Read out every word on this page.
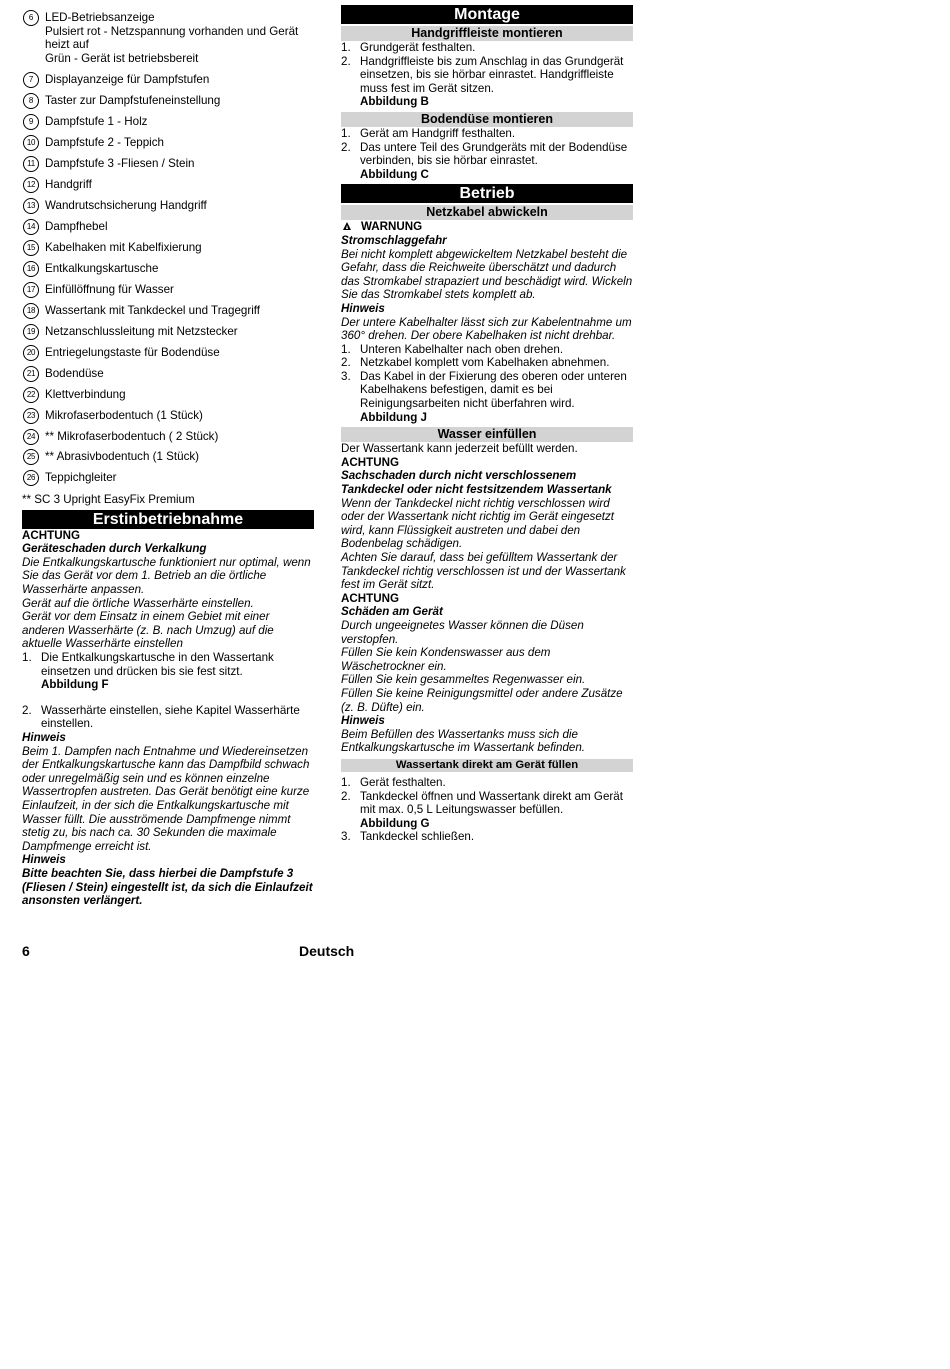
6	LED-Betriebsanzeige
Pulsiert rot - Netzspannung vorhanden und Gerät heizt auf
Grün - Gerät ist betriebsbereit
7	Displayanzeige für Dampfstufen
8	Taster zur Dampfstufeneinstellung
9	Dampfstufe 1 - Holz
10 Dampfstufe 2 - Teppich
11 Dampfstufe 3 -Fliesen / Stein
12 Handgriff
13 Wandrutschsicherung Handgriff
14 Dampfhebel
15 Kabelhaken mit Kabelfixierung
16 Entkalkungskartusche
17 Einfüllöffnung für Wasser
18 Wassertank mit Tankdeckel und Tragegriff
19 Netzanschlussleitung mit Netzstecker
20 Entriegelungstaste für Bodendüse
21 Bodendüse
22 Klettverbindung
23 Mikrofaserbodentuch (1 Stück)
24 ** Mikrofaserbodentuch ( 2 Stück)
25 ** Abrasivbodentuch (1 Stück)
26 Teppichgleiter

** SC 3 Upright EasyFix Premium

Erstinbetriebnahme

ACHTUNG

Geräteschaden durch Verkalkung

Die Entkalkungskartusche funktioniert nur optimal, wenn Sie das Gerät vor dem 1. Betrieb an die örtliche Wasserhärte anpassen.

Gerät auf die örtliche Wasserhärte einstellen.

Gerät vor dem Einsatz in einem Gebiet mit einer anderen Wasserhärte (z. B. nach Umzug) auf die aktuelle Wasserhärte einstellen

1. Die Entkalkungskartusche in den Wassertank einsetzen und drücken bis sie fest sitzt.
Abbildung F
2. Wasserhärte einstellen, siehe Kapitel Wasserhärte einstellen.

Hinweis

Beim 1. Dampfen nach Entnahme und Wiedereinsetzen der Entkalkungskartusche kann das Dampfbild schwach oder unregelmäßig sein und es können einzelne Wassertropfen austreten. Das Gerät benötigt eine kurze Einlaufzeit, in der sich die Entkalkungskartusche mit Wasser füllt. Die ausströmende Dampfmenge nimmt stetig zu, bis nach ca. 30 Sekunden die maximale Dampfmenge erreicht ist.

Hinweis

Bitte beachten Sie, dass hierbei die Dampfstufe 3 (Fliesen / Stein) eingestellt ist, da sich die Einlaufzeit ansonsten verlängert.

Montage
Handgriffleiste montieren
1. Grundgerät festhalten.
2. Handgriffleiste bis zum Anschlag in das Grundgerät einsetzen, bis sie hörbar einrastet. Handgriffleiste muss fest im Gerät sitzen.
Abbildung B
Bodendüse montieren
1. Gerät am Handgriff festhalten.
2. Das untere Teil des Grundgeräts mit der Bodendüse verbinden, bis sie hörbar einrastet.
Abbildung C
Betrieb
Netzkabel abwickeln

WARNUNG

Stromschlaggefahr

Bei nicht komplett abgewickeltem Netzkabel besteht die Gefahr, dass die Reichweite überschätzt und dadurch das Stromkabel strapaziert und beschädigt wird. Wickeln Sie das Stromkabel stets komplett ab.

Hinweis

Der untere Kabelhalter lässt sich zur Kabelentnahme um 360° drehen. Der obere Kabelhaken ist nicht drehbar.

1. Unteren Kabelhalter nach oben drehen.
2. Netzkabel komplett vom Kabelhaken abnehmen.
3. Das Kabel in der Fixierung des oberen oder unteren Kabelhakens befestigen, damit es bei Reinigungsarbeiten nicht überfahren wird.
Abbildung J
Wasser einfüllen

Der Wassertank kann jederzeit befüllt werden.

ACHTUNG

Sachschaden durch nicht verschlossenem Tankdeckel oder nicht festsitzendem Wassertank

Wenn der Tankdeckel nicht richtig verschlossen wird oder der Wassertank nicht richtig im Gerät eingesetzt wird, kann Flüssigkeit austreten und dabei den Bodenbelag schädigen.

Achten Sie darauf, dass bei gefülltem Wassertank der Tankdeckel richtig verschlossen ist und der Wassertank fest im Gerät sitzt.

ACHTUNG

Schäden am Gerät

Durch ungeeignetes Wasser können die Düsen verstopfen.

Füllen Sie kein Kondenswasser aus dem Wäschetrockner ein.

Füllen Sie kein gesammeltes Regenwasser ein.

Füllen Sie keine Reinigungsmittel oder andere Zusätze (z. B. Düfte) ein.

Hinweis

Beim Befüllen des Wassertanks muss sich die Entkalkungskartusche im Wassertank befinden.

Wassertank direkt am Gerät füllen
1. Gerät festhalten.
2. Tankdeckel öffnen und Wassertank direkt am Gerät mit max. 0,5 L Leitungswasser befüllen.
Abbildung G
3. Tankdeckel schließen.
6	Deutsch
